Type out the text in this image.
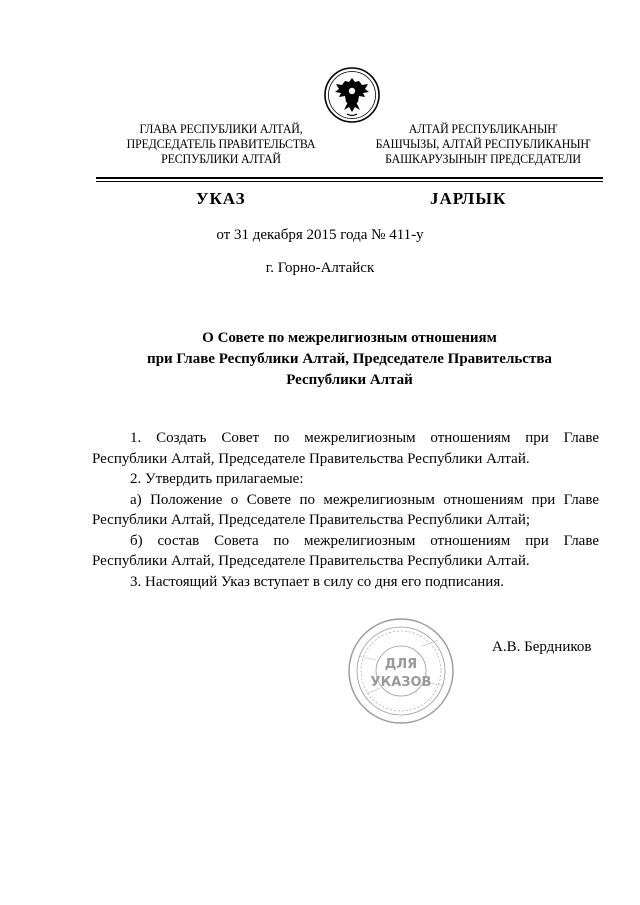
ГЛАВА РЕСПУБЛИКИ АЛТАЙ,
ПРЕДСЕДАТЕЛЬ ПРАВИТЕЛЬСТВА
РЕСПУБЛИКИ АЛТАЙ
АЛТАЙ РЕСПУБЛИКАНЫҤ
БАШЧЫЗЫ, АЛТАЙ РЕСПУБЛИКАНЫҤ
БАШКАРУЗЫНЫҤ ПРЕДСЕДАТЕЛИ
УКАЗ	JАРЛЫК
от 31 декабря 2015 года № 411-у
г. Горно-Алтайск
О Совете по межрелигиозным отношениям
при Главе Республики Алтай, Председателе Правительства
Республики Алтай

1. Создать Совет по межрелигиозным отношениям при Главе Республики Алтай, Председателе Правительства Республики Алтай.

2. Утвердить прилагаемые:

а) Положение о Совете по межрелигиозным отношениям при Главе Республики Алтай, Председателе Правительства Республики Алтай;

б) состав Совета по межрелигиозным отношениям при Главе Республики Алтай, Председателе Правительства Республики Алтай.

3. Настоящий Указ вступает в силу со дня его подписания.

ДЛЯ
УКАЗОВ
А.В. Бердников
